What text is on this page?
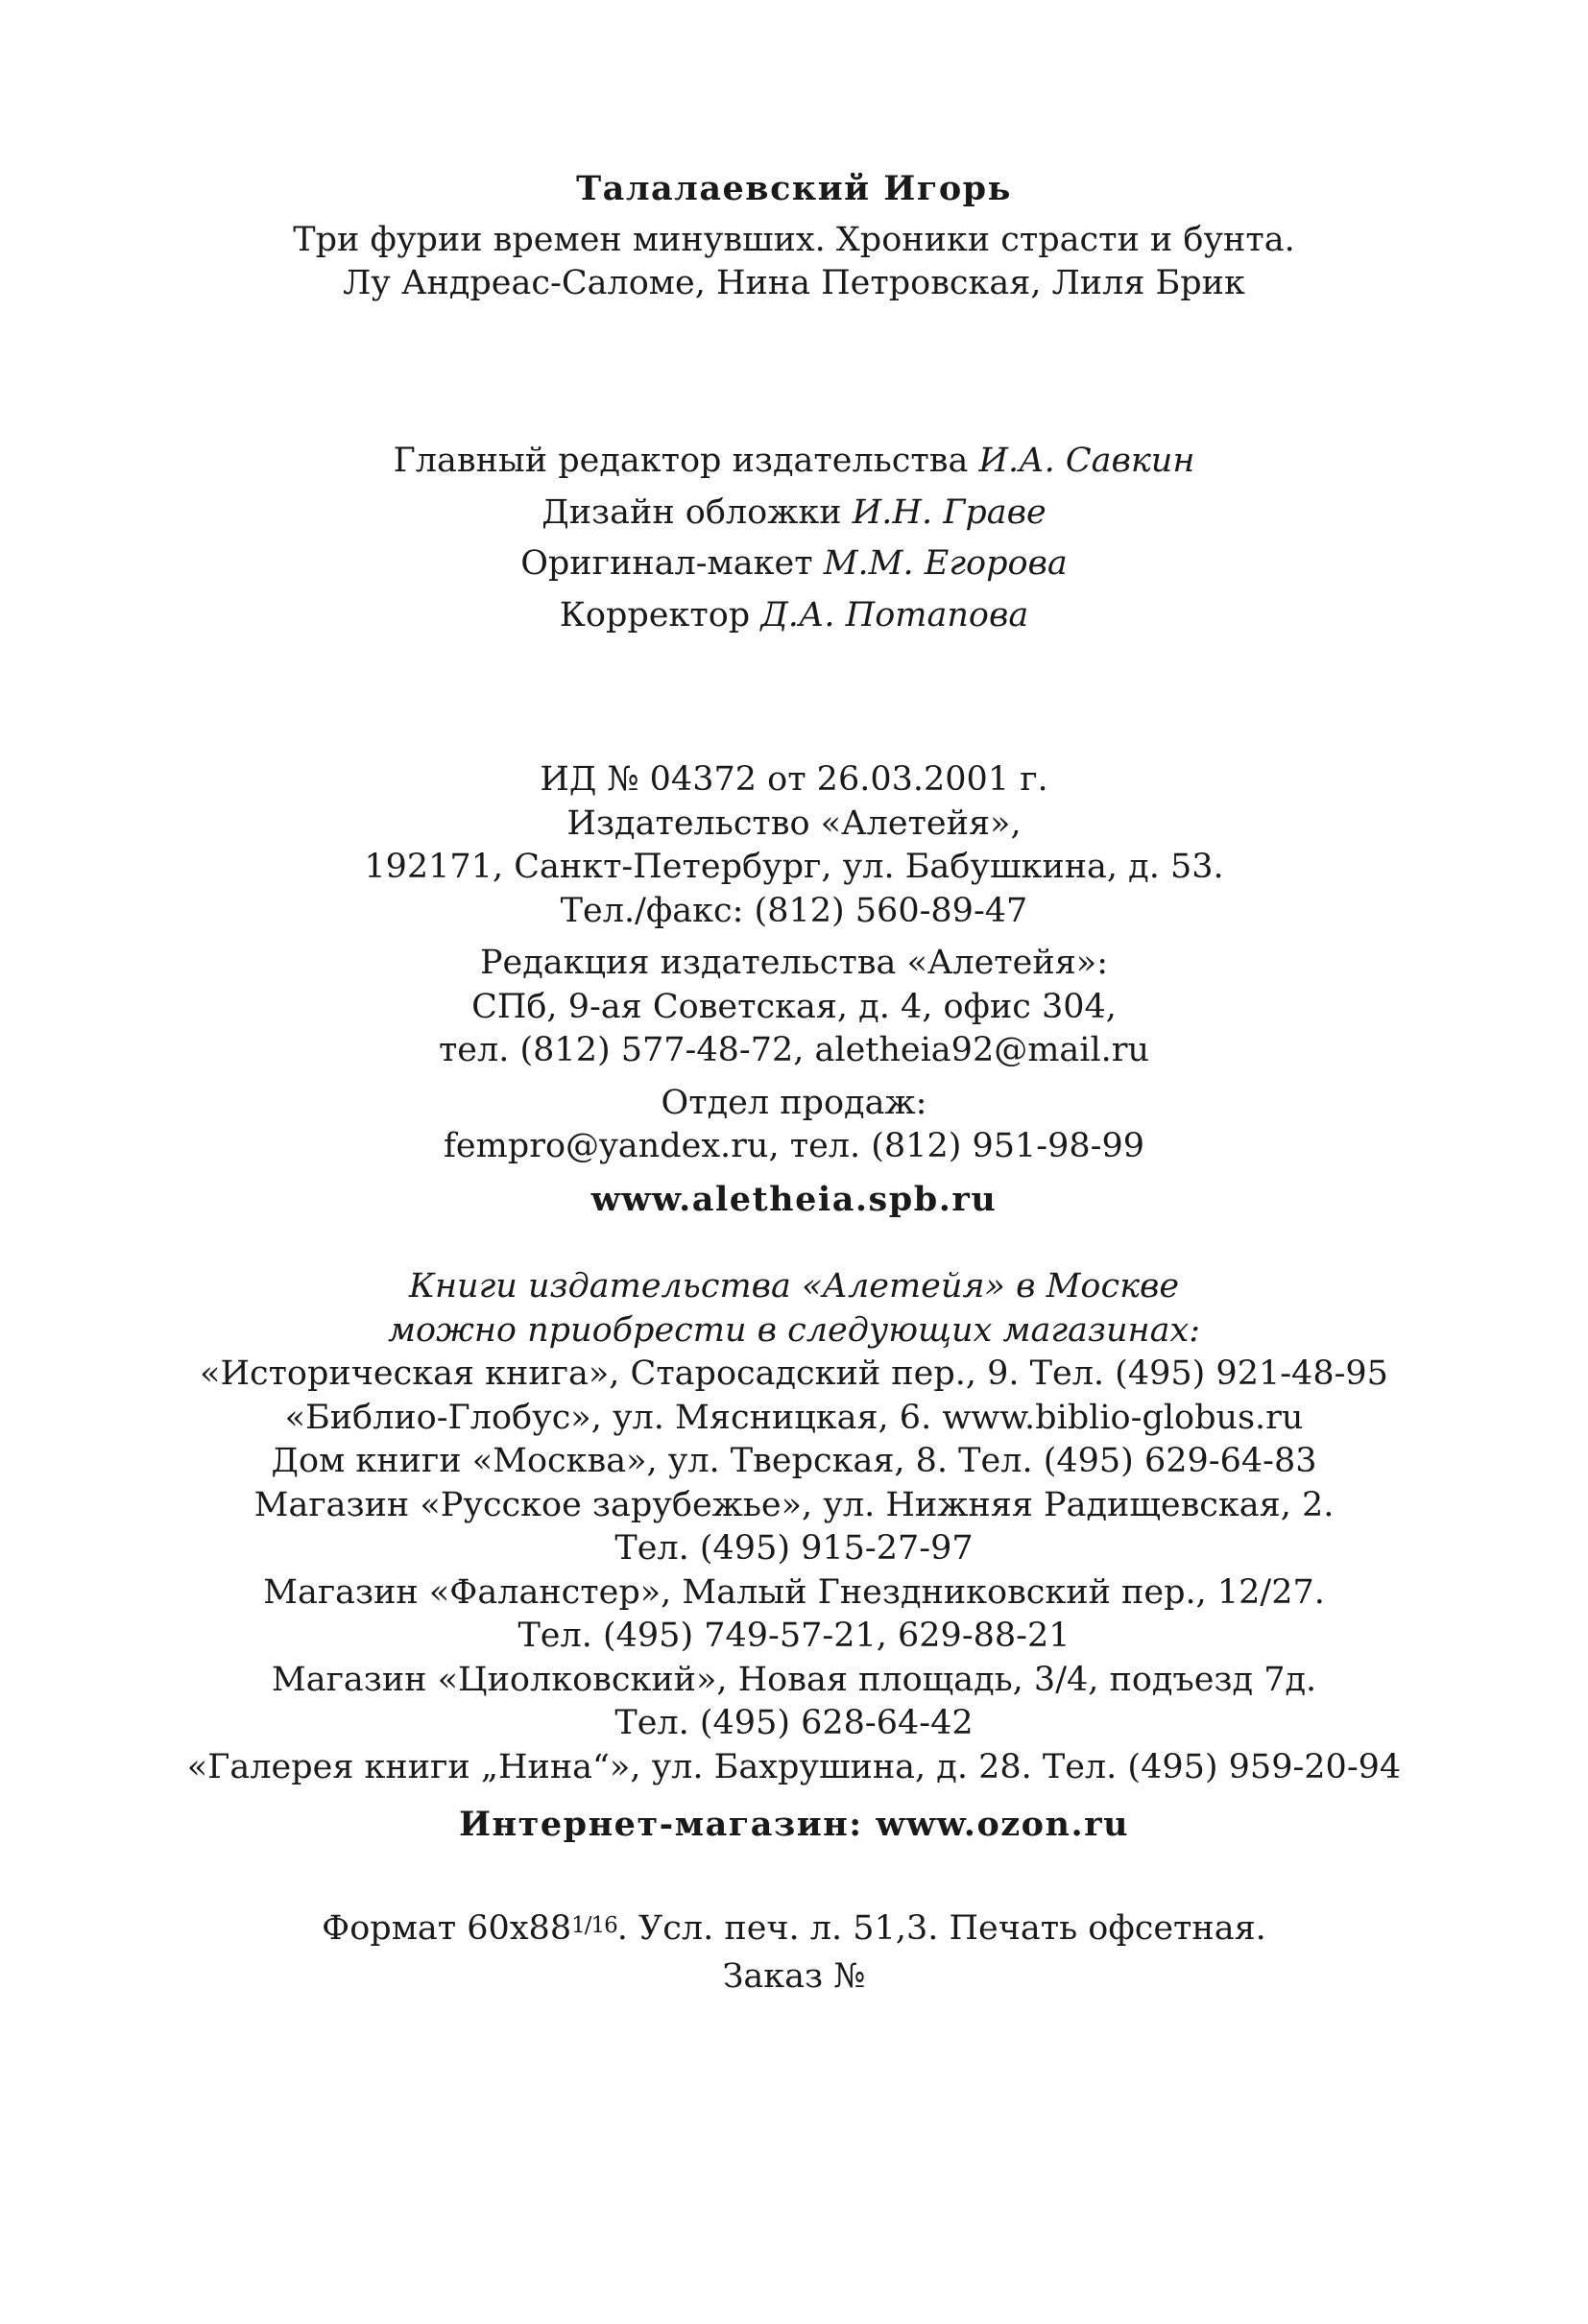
Талалаевский Игорь
Три фурии времен минувших. Хроники страсти и бунта.
Лу Андреас-Саломе, Нина Петровская, Лиля Брик
Главный редактор издательства И.А. Савкин
Дизайн обложки И.Н. Граве
Оригинал-макет М.М. Егорова
Корректор Д.А. Потапова
ИД № 04372 от 26.03.2001 г.
Издательство «Алетейя»,
192171, Санкт-Петербург, ул. Бабушкина, д. 53.
Тел./факс: (812) 560-89-47
Редакция издательства «Алетейя»:
СПб, 9-ая Советская, д. 4, офис 304,
тел. (812) 577-48-72, aletheia92@mail.ru
Отдел продаж:
fempro@yandex.ru, тел. (812) 951-98-99
www.aletheia.spb.ru
Книги издательства «Алетейя» в Москве
можно приобрести в следующих магазинах:
«Историческая книга», Старосадский пер., 9. Тел. (495) 921-48-95
«Библио-Глобус», ул. Мясницкая, 6. www.biblio-globus.ru
Дом книги «Москва», ул. Тверская, 8. Тел. (495) 629-64-83
Магазин «Русское зарубежье», ул. Нижняя Радищевская, 2.
Тел. (495) 915-27-97
Магазин «Фаланстер», Малый Гнездниковский пер., 12/27.
Тел. (495) 749-57-21, 629-88-21
Магазин «Циолковский», Новая площадь, 3/4, подъезд 7д.
Тел. (495) 628-64-42
«Галерея книги „Нина“», ул. Бахрушина, д. 28. Тел. (495) 959-20-94
Интернет-магазин: www.ozon.ru
Формат $60х88^{1/16}$. Усл. печ. л. 51,3. Печать офсетная.
Заказ №
